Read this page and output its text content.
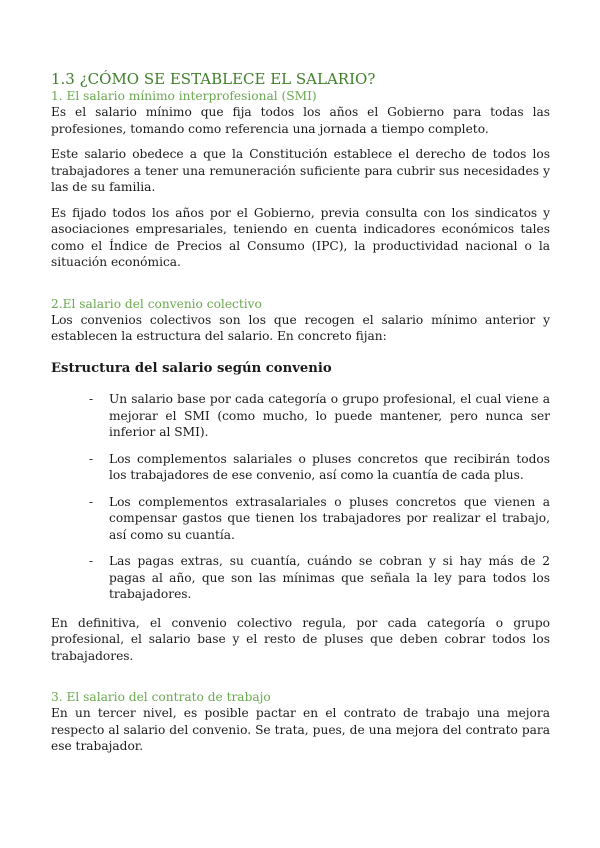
1.3 ¿CÓMO SE ESTABLECE EL SALARIO?
1. El salario mínimo interprofesional (SMI)

Es el salario mínimo que fija todos los años el Gobierno para todas las profesiones, tomando como referencia una jornada a tiempo completo.

Este salario obedece a que la Constitución establece el derecho de todos los trabajadores a tener una remuneración suficiente para cubrir sus necesidades y las de su familia.

Es fijado todos los años por el Gobierno, previa consulta con los sindicatos y asociaciones empresariales, teniendo en cuenta indicadores económicos tales como el Índice de Precios al Consumo (IPC), la productividad nacional o la situación económica.

2.El salario del convenio colectivo

Los convenios colectivos son los que recogen el salario mínimo anterior y establecen la estructura del salario. En concreto fijan:

Estructura del salario según convenio
- Un salario base por cada categoría o grupo profesional, el cual viene a mejorar el SMI (como mucho, lo puede mantener, pero nunca ser inferior al SMI).
- Los complementos salariales o pluses concretos que recibirán todos los trabajadores de ese convenio, así como la cuantía de cada plus.
- Los complementos extrasalariales o pluses concretos que vienen a compensar gastos que tienen los trabajadores por realizar el trabajo, así como su cuantía.
- Las pagas extras, su cuantía, cuándo se cobran y si hay más de 2 pagas al año, que son las mínimas que señala la ley para todos los trabajadores.

En definitiva, el convenio colectivo regula, por cada categoría o grupo profesional, el salario base y el resto de pluses que deben cobrar todos los trabajadores.

3. El salario del contrato de trabajo

En un tercer nivel, es posible pactar en el contrato de trabajo una mejora respecto al salario del convenio. Se trata, pues, de una mejora del contrato para ese trabajador.
